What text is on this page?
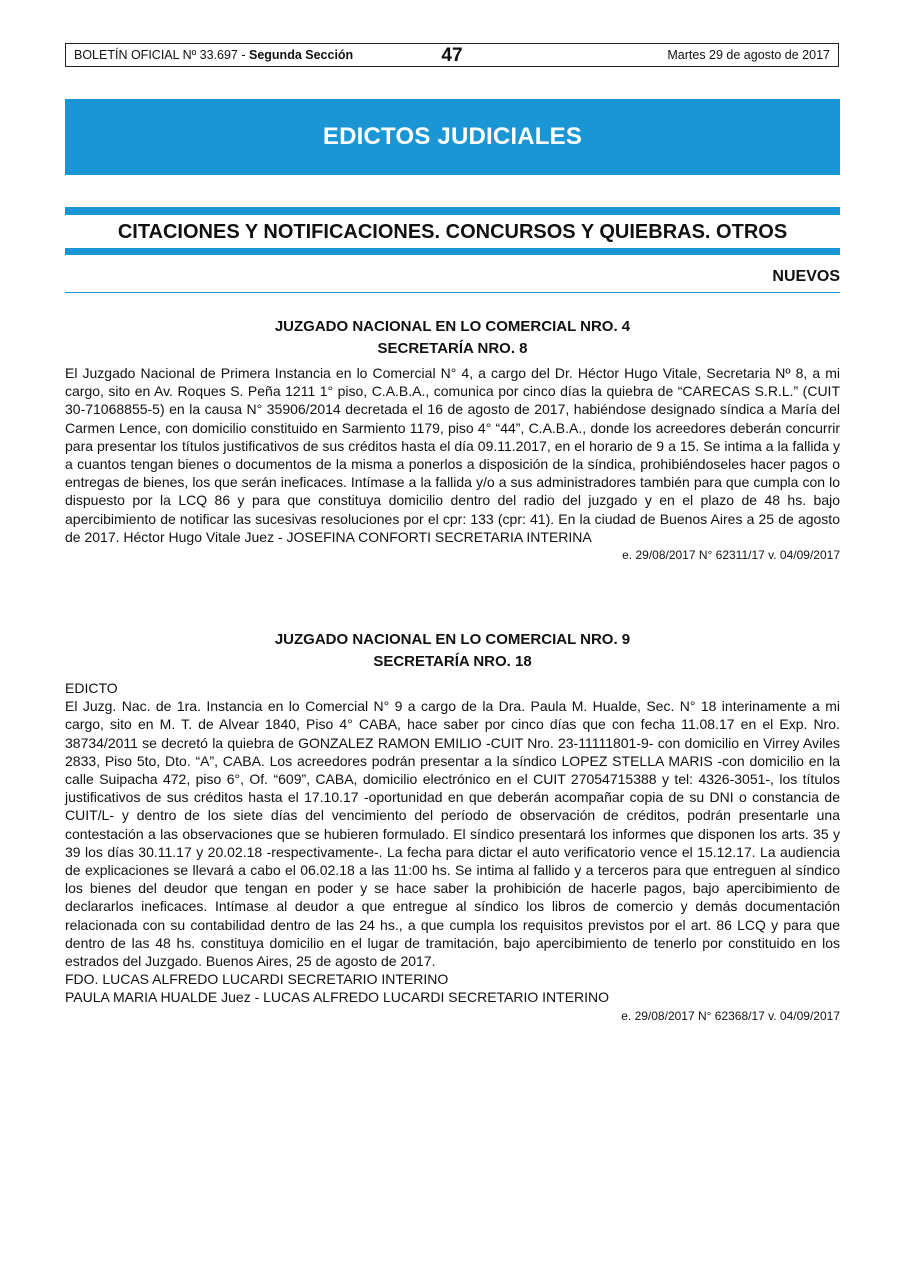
BOLETÍN OFICIAL Nº 33.697 - Segunda Sección	47	Martes 29 de agosto de 2017
EDICTOS JUDICIALES
CITACIONES Y NOTIFICACIONES. CONCURSOS Y QUIEBRAS. OTROS
NUEVOS
JUZGADO NACIONAL EN LO COMERCIAL NRO. 4
SECRETARÍA NRO. 8

El Juzgado Nacional de Primera Instancia en lo Comercial N° 4, a cargo del Dr. Héctor Hugo Vitale, Secretaria Nº 8, a mi cargo, sito en Av. Roques S. Peña 1211 1° piso, C.A.B.A., comunica por cinco días la quiebra de “CARECAS S.R.L.” (CUIT 30-71068855-5) en la causa N° 35906/2014 decretada el 16 de agosto de 2017, habiéndose designado síndica a María del Carmen Lence, con domicilio constituido en Sarmiento 1179, piso 4° “44”, C.A.B.A., donde los acreedores deberán concurrir para presentar los títulos justificativos de sus créditos hasta el día 09.11.2017, en el horario de 9 a 15. Se intima a la fallida y a cuantos tengan bienes o documentos de la misma a ponerlos a disposición de la síndica, prohibiéndoseles hacer pagos o entregas de bienes, los que serán ineficaces. Intímase a la fallida y/o a sus administradores también para que cumpla con lo dispuesto por la LCQ 86 y para que constituya domicilio dentro del radio del juzgado y en el plazo de 48 hs. bajo apercibimiento de notificar las sucesivas resoluciones por el cpr: 133 (cpr: 41). En la ciudad de Buenos Aires a 25 de agosto de 2017. Héctor Hugo Vitale Juez - JOSEFINA CONFORTI SECRETARIA INTERINA

e. 29/08/2017 N° 62311/17 v. 04/09/2017

JUZGADO NACIONAL EN LO COMERCIAL NRO. 9
SECRETARÍA NRO. 18

EDICTO

El Juzg. Nac. de 1ra. Instancia en lo Comercial N° 9 a cargo de la Dra. Paula M. Hualde, Sec. N° 18 interinamente a mi cargo, sito en M. T. de Alvear 1840, Piso 4° CABA, hace saber por cinco días que con fecha 11.08.17 en el Exp. Nro. 38734/2011 se decretó la quiebra de GONZALEZ RAMON EMILIO -CUIT Nro. 23-11111801-9- con domicilio en Virrey Aviles 2833, Piso 5to, Dto. “A”, CABA. Los acreedores podrán presentar a la síndico LOPEZ STELLA MARIS -con domicilio en la calle Suipacha 472, piso 6°, Of. “609”, CABA, domicilio electrónico en el CUIT 27054715388 y tel: 4326-3051-, los títulos justificativos de sus créditos hasta el 17.10.17 -oportunidad en que deberán acompañar copia de su DNI o constancia de CUIT/L- y dentro de los siete días del vencimiento del período de observación de créditos, podrán presentarle una contestación a las observaciones que se hubieren formulado. El síndico presentará los informes que disponen los arts. 35 y 39 los días 30.11.17 y 20.02.18 -respectivamente-. La fecha para dictar el auto verificatorio vence el 15.12.17. La audiencia de explicaciones se llevará a cabo el 06.02.18 a las 11:00 hs. Se intima al fallido y a terceros para que entreguen al síndico los bienes del deudor que tengan en poder y se hace saber la prohibición de hacerle pagos, bajo apercibimiento de declararlos ineficaces. Intímase al deudor a que entregue al síndico los libros de comercio y demás documentación relacionada con su contabilidad dentro de las 24 hs., a que cumpla los requisitos previstos por el art. 86 LCQ y para que dentro de las 48 hs. constituya domicilio en el lugar de tramitación, bajo apercibimiento de tenerlo por constituido en los estrados del Juzgado. Buenos Aires, 25 de agosto de 2017.

FDO. LUCAS ALFREDO LUCARDI SECRETARIO INTERINO

PAULA MARIA HUALDE Juez - LUCAS ALFREDO LUCARDI SECRETARIO INTERINO

e. 29/08/2017 N° 62368/17 v. 04/09/2017
